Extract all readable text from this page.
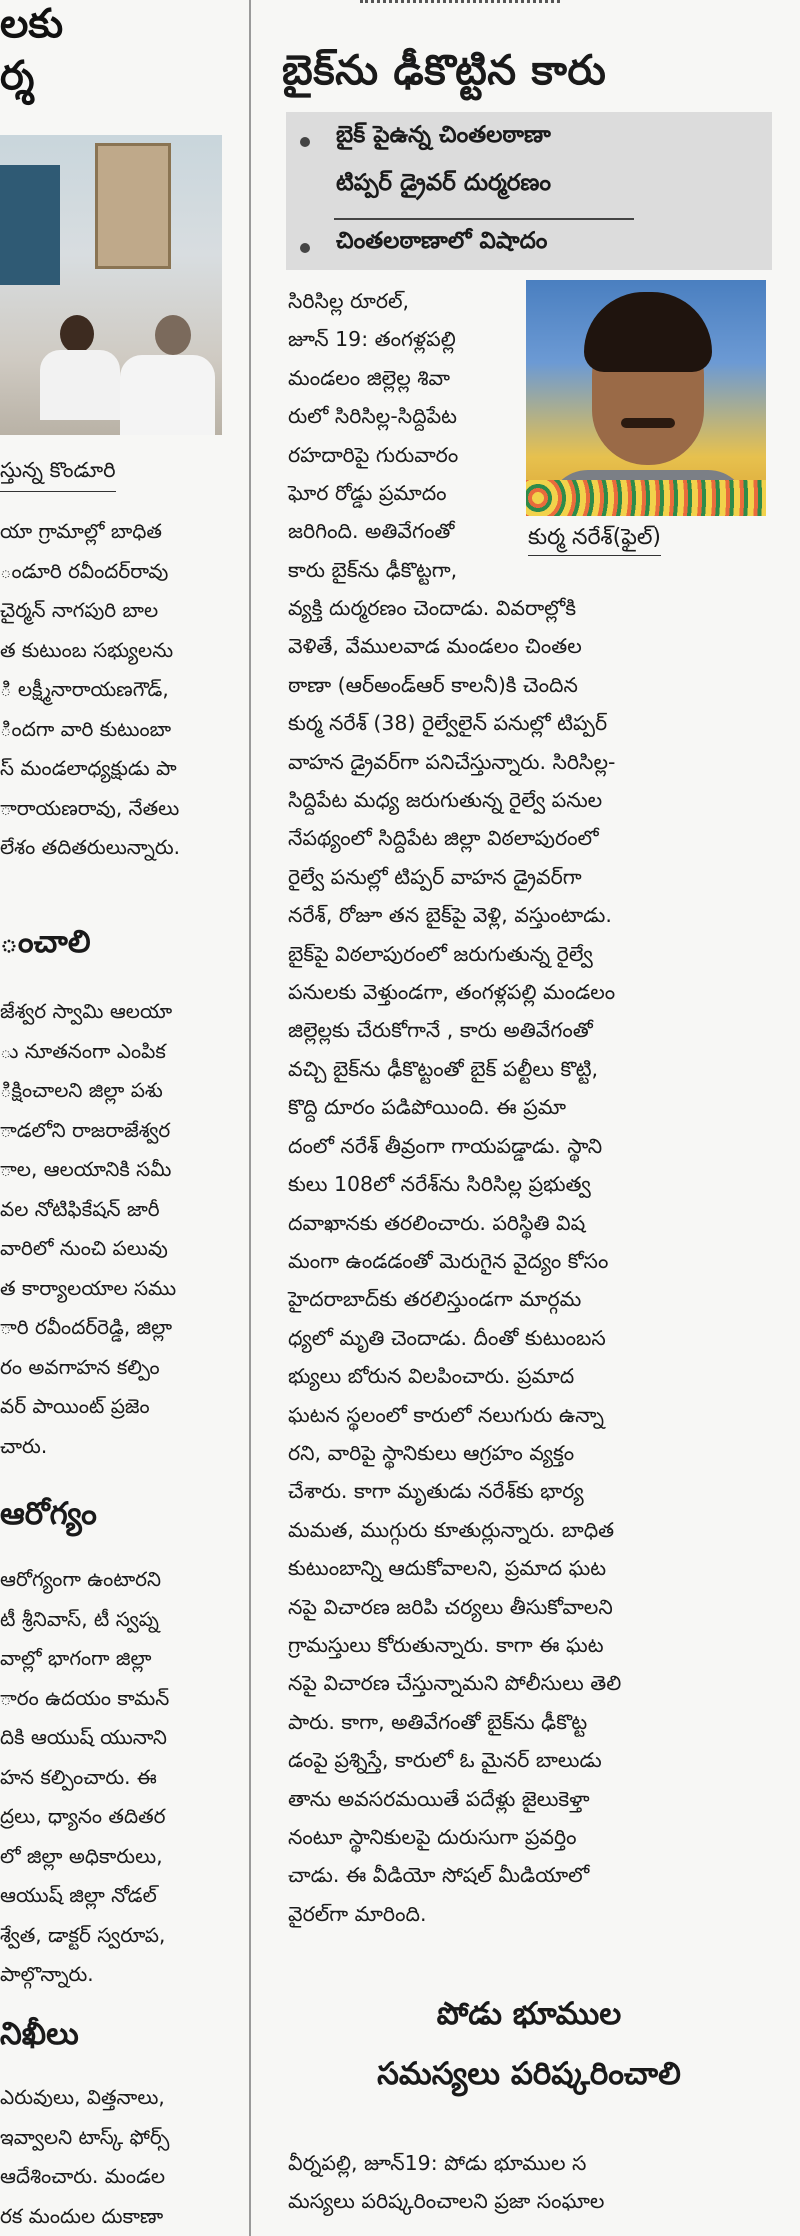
లకు
ర్శ
స్తున్న కొండూరి
యా గ్రామాల్లో బాధిత
ండూరి రవీందర్‌రావు
చైర్మన్ నాగపురి బాల
త కుటుంబ సభ్యులను
ి లక్ష్మీనారాయణగౌడ్,
ిందగా వారి కుటుంబా
స్ మండలాధ్యక్షుడు పా
ారాయణరావు, నేతలు
లేశం తదితరులున్నారు.
ంచాలి
జేశ్వర స్వామి ఆలయా
ు నూతనంగా ఎంపిక
ిక్షించాలని జిల్లా పశు
ాడలోని రాజరాజేశ్వర
ాల, ఆలయానికి సమీ
వల నోటిఫికేషన్ జారీ
వారిలో నుంచి పలువు
త కార్యాలయాల సము
ారి రవీందర్‌రెడ్డి, జిల్లా
రం అవగాహన కల్పిం
వర్ పాయింట్ ప్రజెం
చారు.
ఆరోగ్యం
ఆరోగ్యంగా ఉంటారని
టీ శ్రీనివాస్, టీ స్వప్న
వాల్లో భాగంగా జిల్లా
ారం ఉదయం కామన్
దికి ఆయుష్ యునాని
హన కల్పించారు. ఈ
ద్రలు, ధ్యానం తదితర
లో జిల్లా అధికారులు,
ఆయుష్ జిల్లా నోడల్
శ్వేత, డాక్టర్ స్వరూప,
పాల్గొన్నారు.
నిఖీలు
ఎరువులు, విత్తనాలు,
ఇవ్వాలని టాస్క్ ఫోర్స్
ఆదేశించారు. మండల
రక మందుల దుకాణా
బైక్‌ను ఢీకొట్టిన కారు
బైక్ పైఉన్న చింతలఠాణా
టిప్పర్ డ్రైవర్ దుర్మరణం
చింతలఠాణాలో విషాదం
కుర్మ నరేశ్(ఫైల్)
సిరిసిల్ల రూరల్,
జూన్ 19: తంగళ్లపల్లి
మండలం జిల్లెల్ల శివా
రులో సిరిసిల్ల-సిద్దిపేట
రహదారిపై గురువారం
ఘోర రోడ్డు ప్రమాదం
జరిగింది. అతివేగంతో
కారు బైక్‌ను ఢీకొట్టగా,
వ్యక్తి దుర్మరణం చెందాడు. వివరాల్లోకి
వెళితే, వేములవాడ మండలం చింతల
ఠాణా (ఆర్అండ్ఆర్ కాలనీ)కి చెందిన
కుర్మ నరేశ్ (38) రైల్వేలైన్ పనుల్లో టిప్పర్
వాహన డ్రైవర్‌గా పనిచేస్తున్నారు. సిరిసిల్ల-
సిద్దిపేట మధ్య జరుగుతున్న రైల్వే పనుల
నేపథ్యంలో సిద్దిపేట జిల్లా విఠలాపురంలో
రైల్వే పనుల్లో టిప్పర్ వాహన డ్రైవర్‌గా
నరేశ్, రోజూ తన బైక్‌పై వెళ్లి, వస్తుంటాడు.
బైక్‌పై విఠలాపురంలో జరుగుతున్న రైల్వే
పనులకు వెళ్తుండగా, తంగళ్లపల్లి మండలం
జిల్లెల్లకు చేరుకోగానే , కారు అతివేగంతో
వచ్చి బైక్‌ను ఢీకొట్టంతో బైక్ పల్టీలు కొట్టి,
కొద్ది దూరం పడిపోయింది. ఈ ప్రమా
దంలో నరేశ్ తీవ్రంగా గాయపడ్డాడు. స్థాని
కులు 108లో నరేశ్‌ను సిరిసిల్ల ప్రభుత్వ
దవాఖానకు తరలించారు. పరిస్థితి విష
మంగా ఉండడంతో మెరుగైన వైద్యం కోసం
హైదరాబాద్‌కు తరలిస్తుండగా మార్గమ
ధ్యలో మృతి చెందాడు. దీంతో కుటుంబస
భ్యులు బోరున విలపించారు. ప్రమాద
ఘటన స్థలంలో కారులో నలుగురు ఉన్నా
రని, వారిపై స్థానికులు ఆగ్రహం వ్యక్తం
చేశారు. కాగా మృతుడు నరేశ్‌కు భార్య
మమత, ముగ్గురు కూతుర్లున్నారు. బాధిత
కుటుంబాన్ని ఆదుకోవాలని, ప్రమాద ఘట
నపై విచారణ జరిపి చర్యలు తీసుకోవాలని
గ్రామస్తులు కోరుతున్నారు. కాగా ఈ ఘట
నపై విచారణ చేస్తున్నామని పోలీసులు తెలి
పారు. కాగా, అతివేగంతో బైక్‌ను ఢీకొట్ట
డంపై ప్రశ్నిస్తే, కారులో ఓ మైనర్ బాలుడు
తాను అవసరమయితే పదేళ్లు జైలుకెళ్తా
నంటూ స్థానికులపై దురుసుగా ప్రవర్తిం
చాడు. ఈ వీడియో సోషల్ మీడియాలో
వైరల్‌గా మారింది.
పోడు భూముల
సమస్యలు పరిష్కరించాలి
వీర్నపల్లి, జూన్19: పోడు భూముల స
మస్యలు పరిష్కరించాలని ప్రజా సంఘాల
